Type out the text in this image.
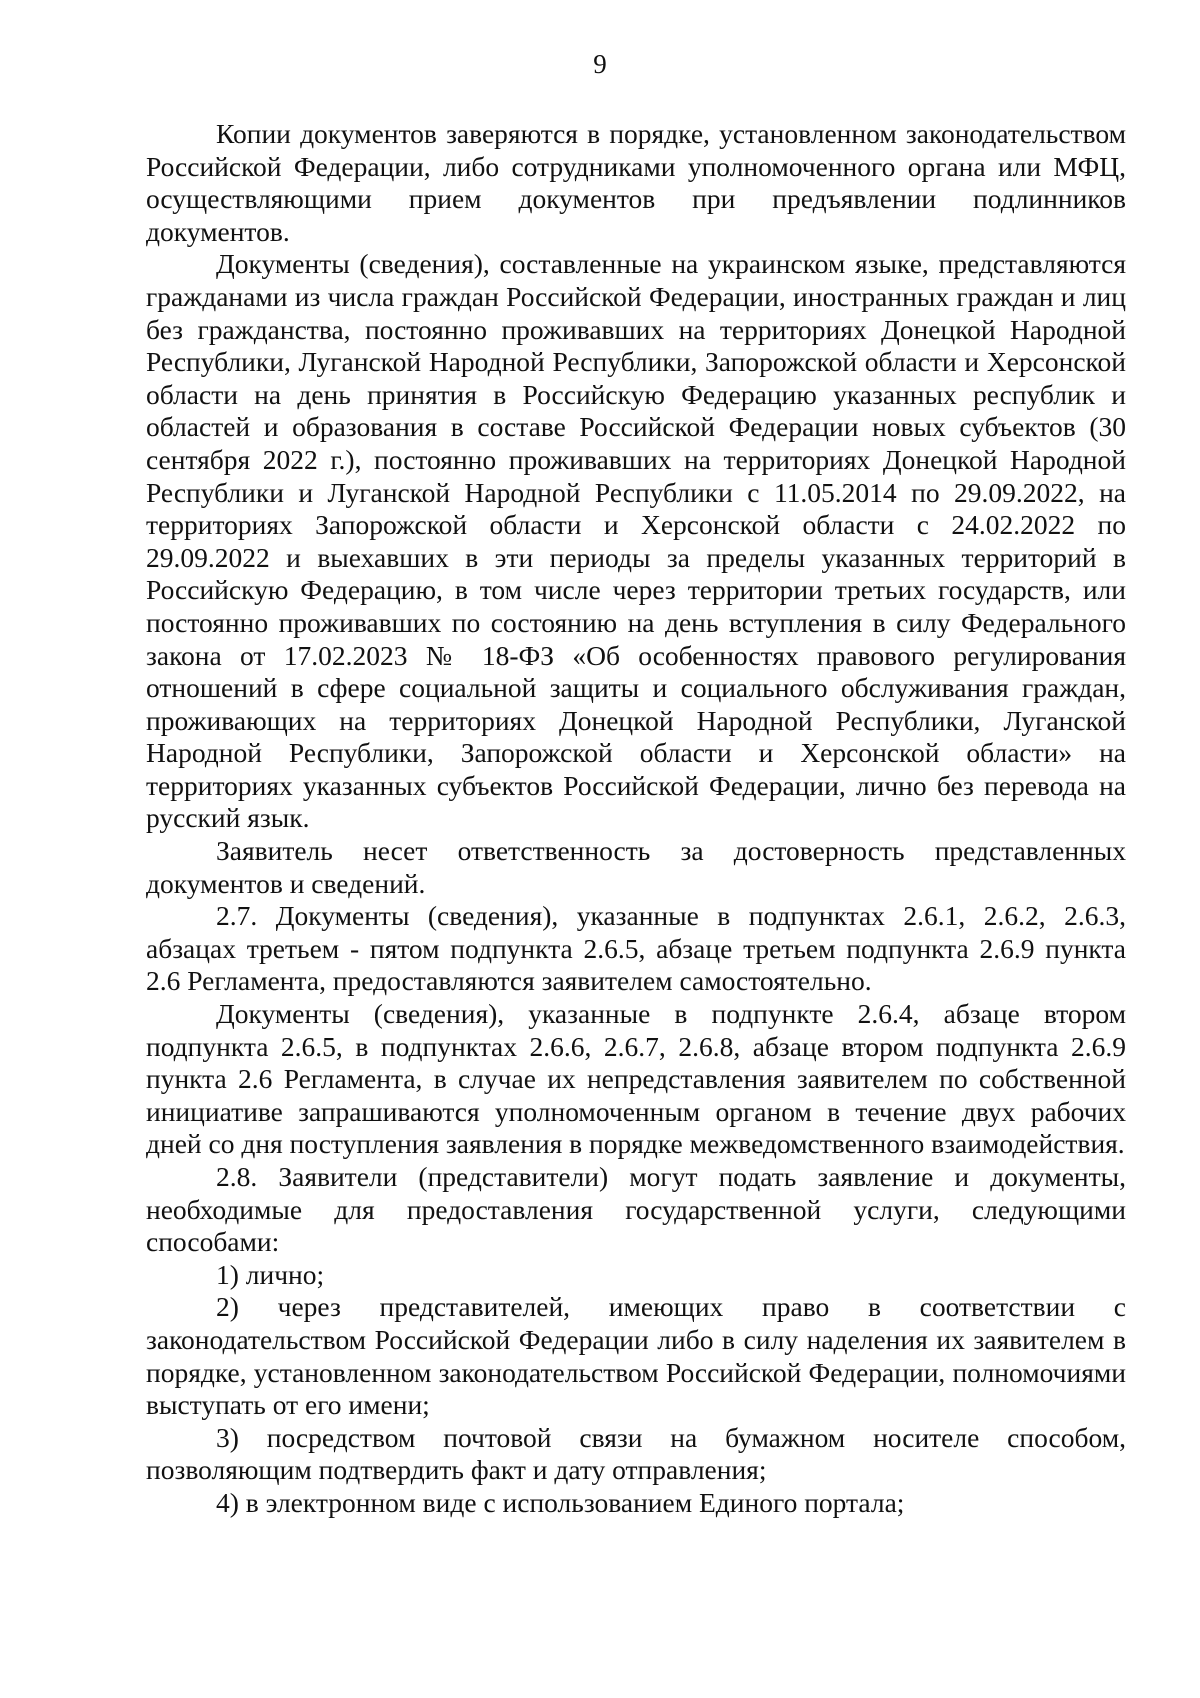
9

Копии документов заверяются в порядке, установленном законодательством Российской Федерации, либо сотрудниками уполномоченного органа или МФЦ, осуществляющими прием документов при предъявлении подлинников документов.

Документы (сведения), составленные на украинском языке, представляются гражданами из числа граждан Российской Федерации, иностранных граждан и лиц без гражданства, постоянно проживавших на территориях Донецкой Народной Республики, Луганской Народной Республики, Запорожской области и Херсонской области на день принятия в Российскую Федерацию указанных республик и областей и образования в составе Российской Федерации новых субъектов (30 сентября 2022 г.), постоянно проживавших на территориях Донецкой Народной Республики и Луганской Народной Республики с 11.05.2014 по 29.09.2022, на территориях Запорожской области и Херсонской области с 24.02.2022 по 29.09.2022 и выехавших в эти периоды за пределы указанных территорий в Российскую Федерацию, в том числе через территории третьих государств, или постоянно проживавших по состоянию на день вступления в силу Федерального закона от 17.02.2023 № 18-ФЗ «Об особенностях правового регулирования отношений в сфере социальной защиты и социального обслуживания граждан, проживающих на территориях Донецкой Народной Республики, Луганской Народной Республики, Запорожской области и Херсонской области» на территориях указанных субъектов Российской Федерации, лично без перевода на русский язык.

Заявитель несет ответственность за достоверность представленных документов и сведений.

2.7. Документы (сведения), указанные в подпунктах 2.6.1, 2.6.2, 2.6.3, абзацах третьем - пятом подпункта 2.6.5, абзаце третьем подпункта 2.6.9 пункта 2.6 Регламента, предоставляются заявителем самостоятельно.

Документы (сведения), указанные в подпункте 2.6.4, абзаце втором подпункта 2.6.5, в подпунктах 2.6.6, 2.6.7, 2.6.8, абзаце втором подпункта 2.6.9 пункта 2.6 Регламента, в случае их непредставления заявителем по собственной инициативе запрашиваются уполномоченным органом в течение двух рабочих дней со дня поступления заявления в порядке межведомственного взаимодействия.

2.8. Заявители (представители) могут подать заявление и документы, необходимые для предоставления государственной услуги, следующими способами:

1) лично;

2) через представителей, имеющих право в соответствии с законодательством Российской Федерации либо в силу наделения их заявителем в порядке, установленном законодательством Российской Федерации, полномочиями выступать от его имени;

3) посредством почтовой связи на бумажном носителе способом, позволяющим подтвердить факт и дату отправления;

4) в электронном виде с использованием Единого портала;
